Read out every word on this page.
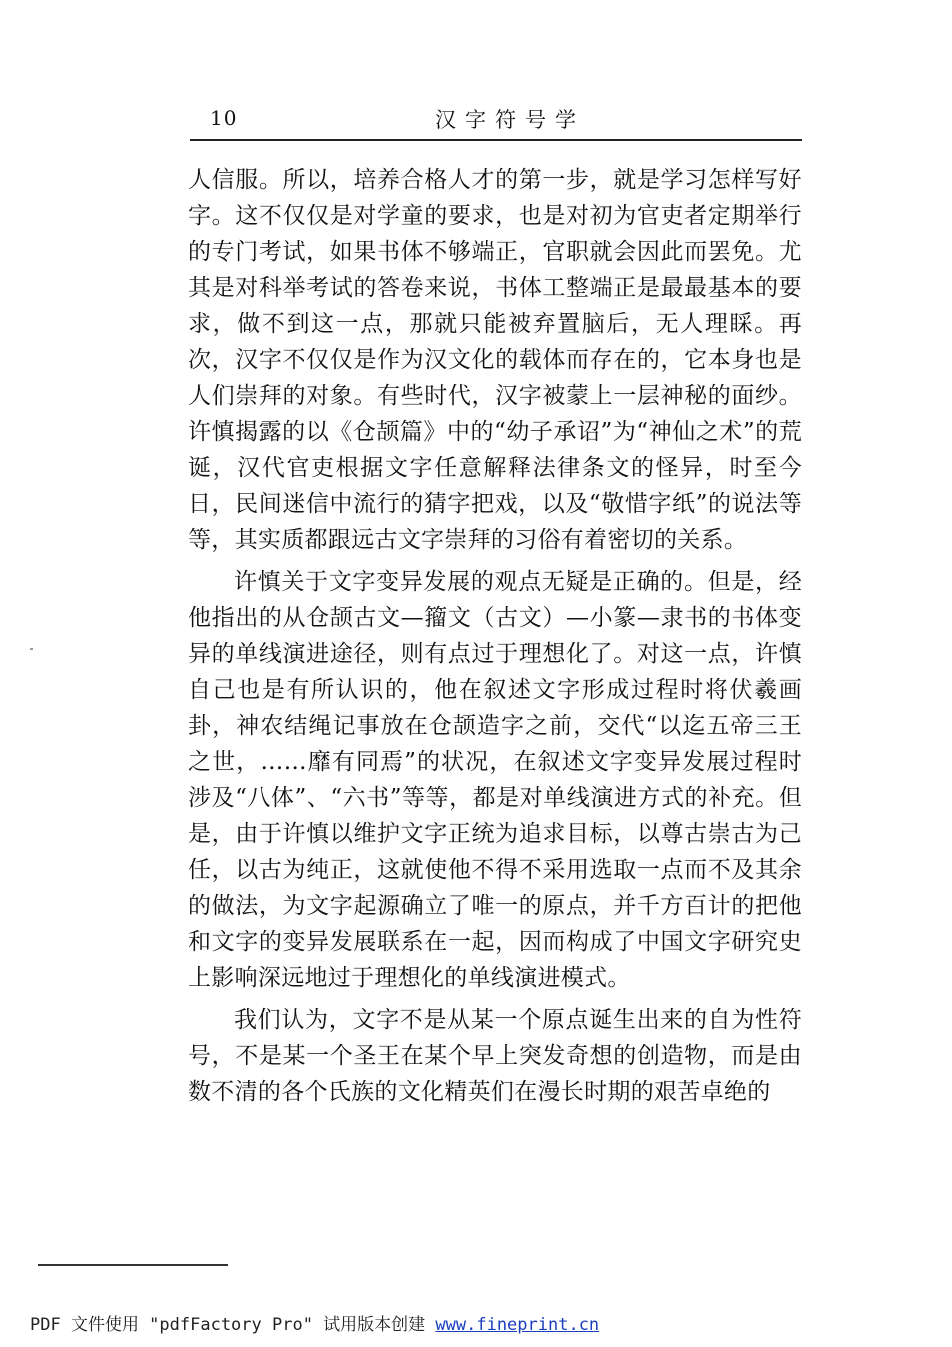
10	汉字符号学

人信服。所以，培养合格人才的第一步，就是学习怎样写好字。这不仅仅是对学童的要求，也是对初为官吏者定期举行的专门考试，如果书体不够端正，官职就会因此而罢免。尤其是对科举考试的答卷来说，书体工整端正是最最基本的要求，做不到这一点，那就只能被弃置脑后，无人理睬。再次，汉字不仅仅是作为汉文化的载体而存在的，它本身也是人们崇拜的对象。有些时代，汉字被蒙上一层神秘的面纱。许慎揭露的以《仓颉篇》中的“幼子承诏”为“神仙之术”的荒诞，汉代官吏根据文字任意解释法律条文的怪异，时至今日，民间迷信中流行的猜字把戏，以及“敬惜字纸”的说法等等，其实质都跟远古文字崇拜的习俗有着密切的关系。

许慎关于文字变异发展的观点无疑是正确的。但是，经他指出的从仓颉古文—籀文（古文）—小篆—隶书的书体变异的单线演进途径，则有点过于理想化了。对这一点，许慎自己也是有所认识的，他在叙述文字形成过程时将伏羲画卦，神农结绳记事放在仓颉造字之前，交代“以迄五帝三王之世，……靡有同焉”的状况，在叙述文字变异发展过程时涉及“八体”、“六书”等等，都是对单线演进方式的补充。但是，由于许慎以维护文字正统为追求目标，以尊古崇古为己任，以古为纯正，这就使他不得不采用选取一点而不及其余的做法，为文字起源确立了唯一的原点，并千方百计的把他和文字的变异发展联系在一起，因而构成了中国文字研究史上影响深远地过于理想化的单线演进模式。

我们认为，文字不是从某一个原点诞生出来的自为性符号，不是某一个圣王在某个早上突发奇想的创造物，而是由数不清的各个氏族的文化精英们在漫长时期的艰苦卓绝的

PDF 文件使用 "pdfFactory Pro" 试用版本创建 www.fineprint.cn
